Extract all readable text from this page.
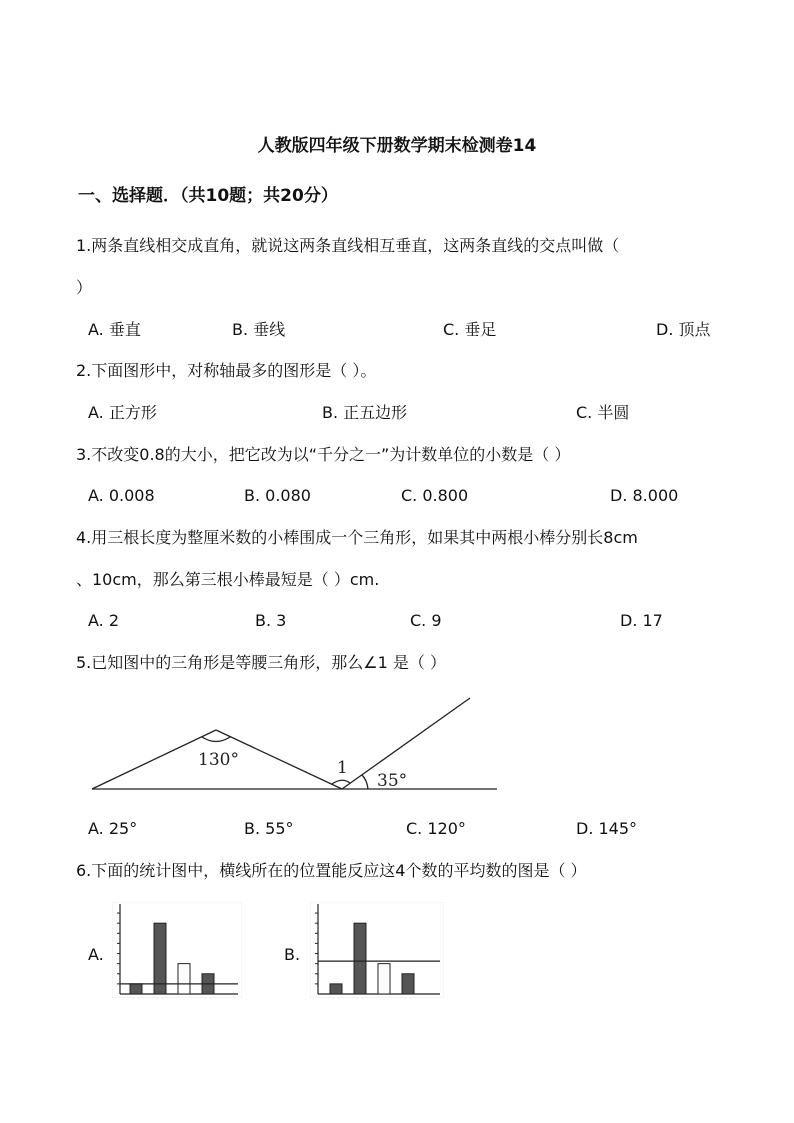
人教版四年级下册数学期末检测卷14
一、选择题．（共10题；共20分）
1.两条直线相交成直角，就说这两条直线相互垂直，这两条直线的交点叫做（
）
A. 垂直	B. 垂线	C. 垂足	D. 顶点
2.下面图形中，对称轴最多的图形是（ ）。
A. 正方形	B. 正五边形	C. 半圆
3.不改变0.8的大小，把它改为以“千分之一”为计数单位的小数是（ ）
A. 0.008	B. 0.080	C. 0.800	D. 8.000
4.用三根长度为整厘米数的小棒围成一个三角形，如果其中两根小棒分别长8cm
、10cm，那么第三根小棒最短是（ ）cm.
A. 2	B. 3	C. 9	D. 17
5.已知图中的三角形是等腰三角形，那么∠1 是（ ）
130°	1
35°
A. 25°	B. 55°	C. 120°	D. 145°
6.下面的统计图中，横线所在的位置能反应这4个数的平均数的图是（ ）
A.	B.
